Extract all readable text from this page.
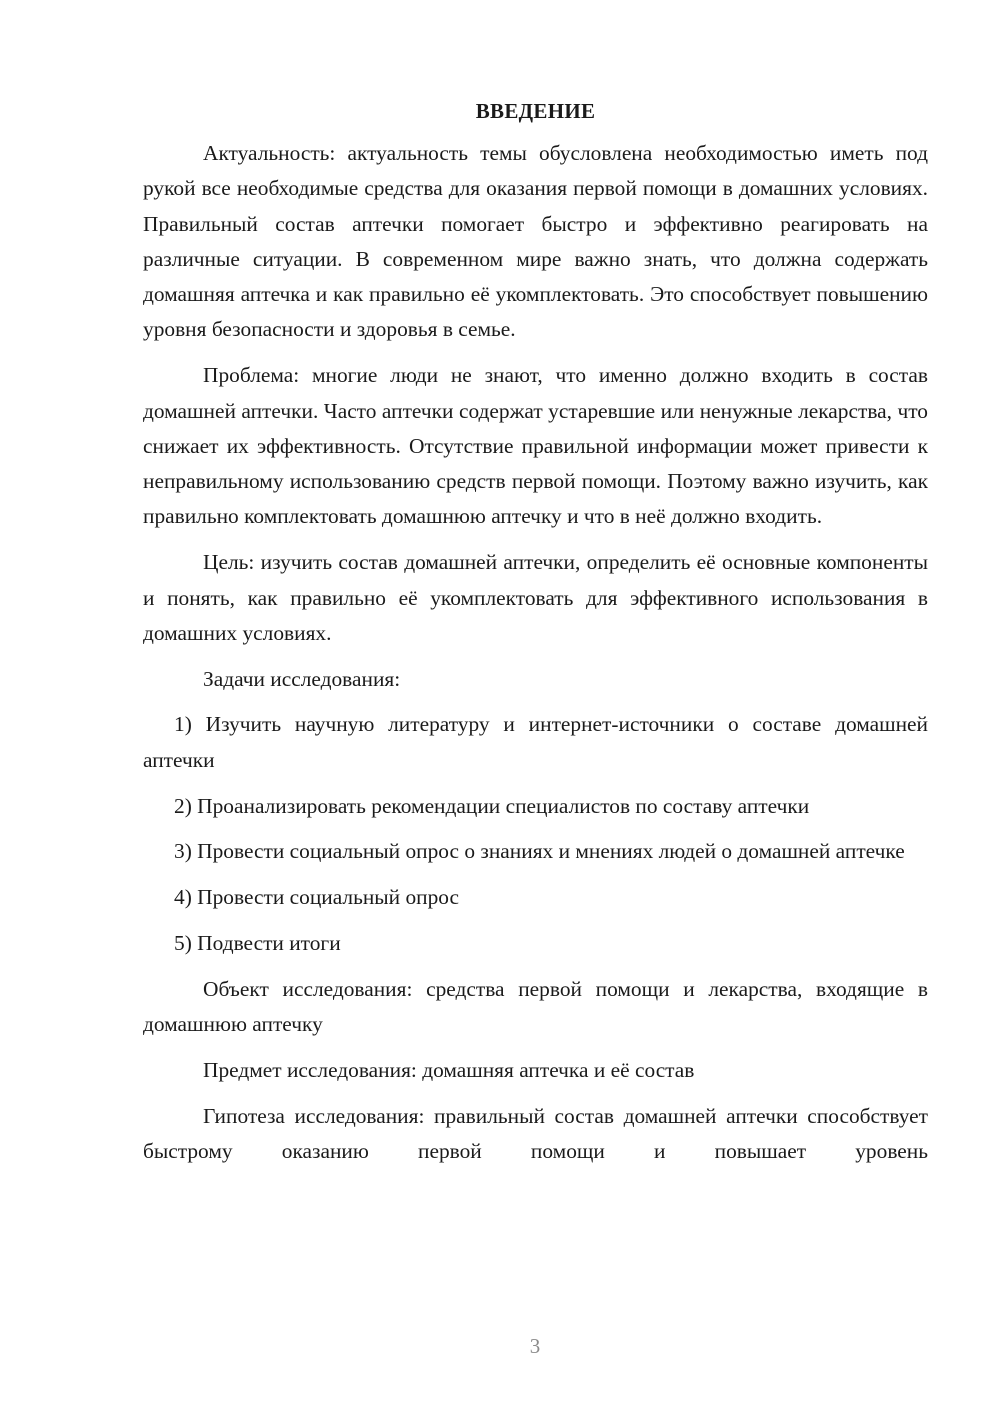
ВВЕДЕНИЕ

Актуальность: актуальность темы обусловлена необходимостью иметь под рукой все необходимые средства для оказания первой помощи в домашних условиях. Правильный состав аптечки помогает быстро и эффективно реагировать на различные ситуации. В современном мире важно знать, что должна содержать домашняя аптечка и как правильно её укомплектовать. Это способствует повышению уровня безопасности и здоровья в семье.

Проблема: многие люди не знают, что именно должно входить в состав домашней аптечки. Часто аптечки содержат устаревшие или ненужные лекарства, что снижает их эффективность. Отсутствие правильной информации может привести к неправильному использованию средств первой помощи. Поэтому важно изучить, как правильно комплектовать домашнюю аптечку и что в неё должно входить.

Цель: изучить состав домашней аптечки, определить её основные компоненты и понять, как правильно её укомплектовать для эффективного использования в домашних условиях.

Задачи исследования:

1) Изучить научную литературу и интернет-источники о составе домашней аптечки

2) Проанализировать рекомендации специалистов по составу аптечки

3) Провести социальный опрос о знаниях и мнениях людей о домашней аптечке

4) Провести социальный опрос

5) Подвести итоги

Объект исследования: средства первой помощи и лекарства, входящие в домашнюю аптечку

Предмет исследования: домашняя аптечка и её состав

Гипотеза исследования: правильный состав домашней аптечки способствует быстрому оказанию первой помощи и повышает уровень

3
